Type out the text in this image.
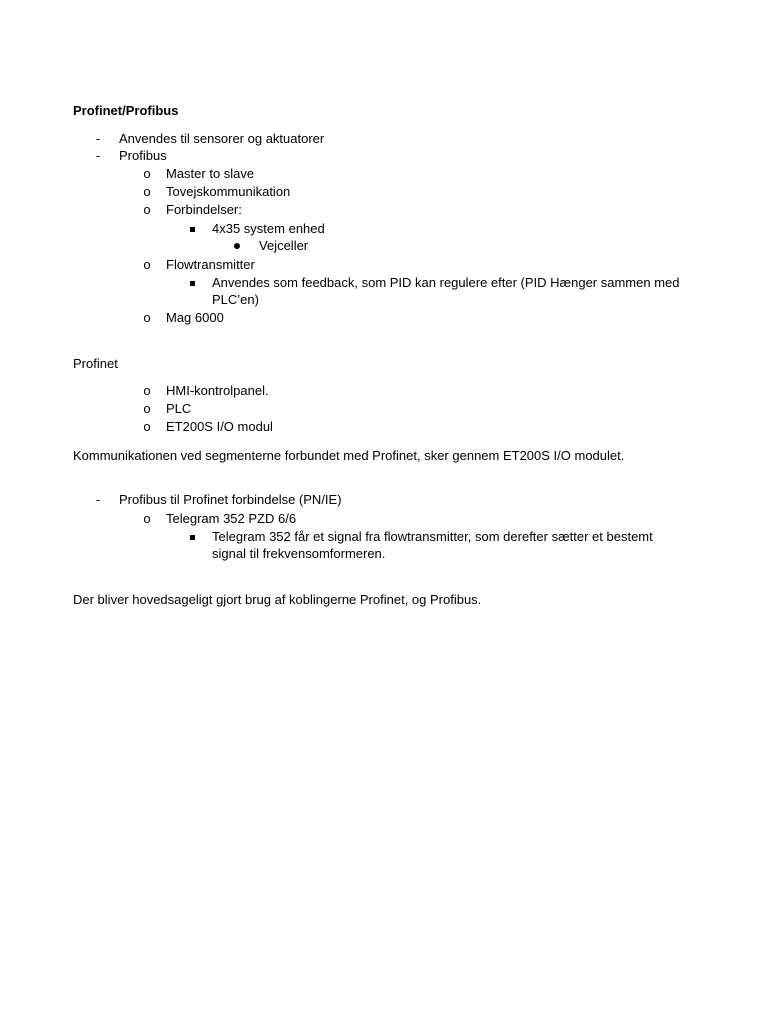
Profinet/Profibus
- Anvendes til sensorer og aktuatorer
- Profibus
o Master to slave
o Tovejskommunikation
o Forbindelser:
4x35 system enhed
Vejceller
o Flowtransmitter
Anvendes som feedback, som PID kan regulere efter (PID Hænger sammen med
PLC’en)
o Mag 6000
Profinet
o HMI-kontrolpanel.
o PLC
o ET200S I/O modul
Kommunikationen ved segmenterne forbundet med Profinet, sker gennem ET200S I/O modulet.
- Profibus til Profinet forbindelse (PN/IE)
o Telegram 352 PZD 6/6
Telegram 352 får et signal fra flowtransmitter, som derefter sætter et bestemt
signal til frekvensomformeren.
Der bliver hovedsageligt gjort brug af koblingerne Profinet, og Profibus.
